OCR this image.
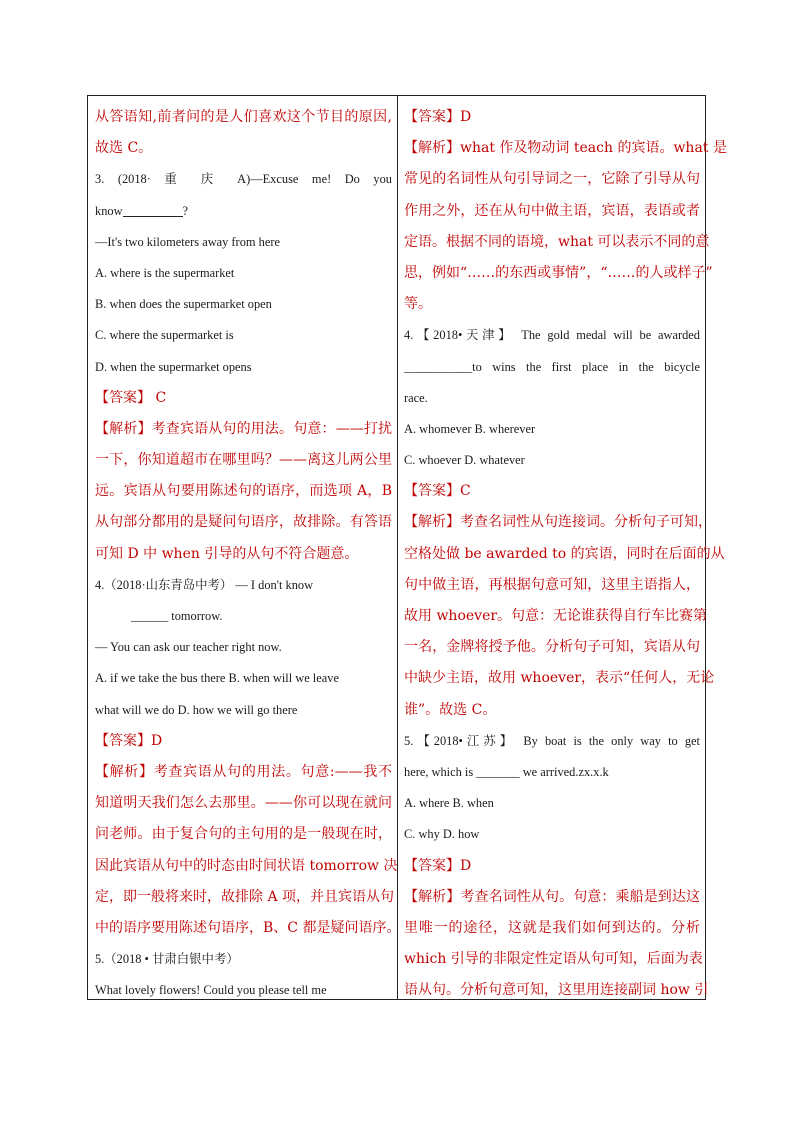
从答语知,前者问的是人们喜欢这个节目的原因,
故选 C。
3. (2018· 重 庆 A)—Excuse me! Do you
know	?
—It's two kilometers away from here
A. where is the supermarket
B. when does the supermarket open
C. where the supermarket is
D. when the supermarket opens
【答案】 C
【解析】考查宾语从句的用法。句意：——打扰
一下，你知道超市在哪里吗？——离这儿两公里
远。宾语从句要用陈述句的语序，而选项 A，B
从句部分都用的是疑问句语序，故排除。有答语
可知 D 中 when 引导的从句不符合题意。
4.（2018·山东青岛中考） — I don't know
______ tomorrow.
— You can ask our teacher right now.
A. if we take the bus there B. when will we leave
what will we do D. how we will go there
【答案】D
【解析】考查宾语从句的用法。句意:——我不
知道明天我们怎么去那里。——你可以现在就问
问老师。由于复合句的主句用的是一般现在时，
因此宾语从句中的时态由时间状语 tomorrow 决
定，即一般将来时，故排除 A 项，并且宾语从句
中的语序要用陈述句语序，B、C 都是疑问语序。
5.（2018 • 甘肃白银中考）
What lovely flowers! Could you please tell me
【答案】D
【解析】what 作及物动词 teach 的宾语。what 是
常见的名词性从句引导词之一，它除了引导从句
作用之外，还在从句中做主语，宾语，表语或者
定语。根据不同的语境，what 可以表示不同的意
思，例如“……的东西或事情”，“……的人或样子”
等。
4.【2018•天津】 The gold medal will be awarded
___________to wins the first place in the bicycle
race.
A. whomever B. wherever
C. whoever D. whatever
【答案】C
【解析】考查名词性从句连接词。分析句子可知，
空格处做 be awarded to 的宾语，同时在后面的从
句中做主语，再根据句意可知，这里主语指人，
故用 whoever。句意：无论谁获得自行车比赛第
一名，金牌将授予他。分析句子可知，宾语从句
中缺少主语，故用 whoever，表示“任何人，无论
谁”。故选 C。
5.【2018•江苏】 By boat is the only way to get
here, which is _______ we arrived.zx.x.k
A. where B. when
C. why D. how
【答案】D
【解析】考查名词性从句。句意：乘船是到达这
里唯一的途径，这就是我们如何到达的。分析
which 引导的非限定性定语从句可知，后面为表
语从句。分析句意可知，这里用连接副词 how 引
